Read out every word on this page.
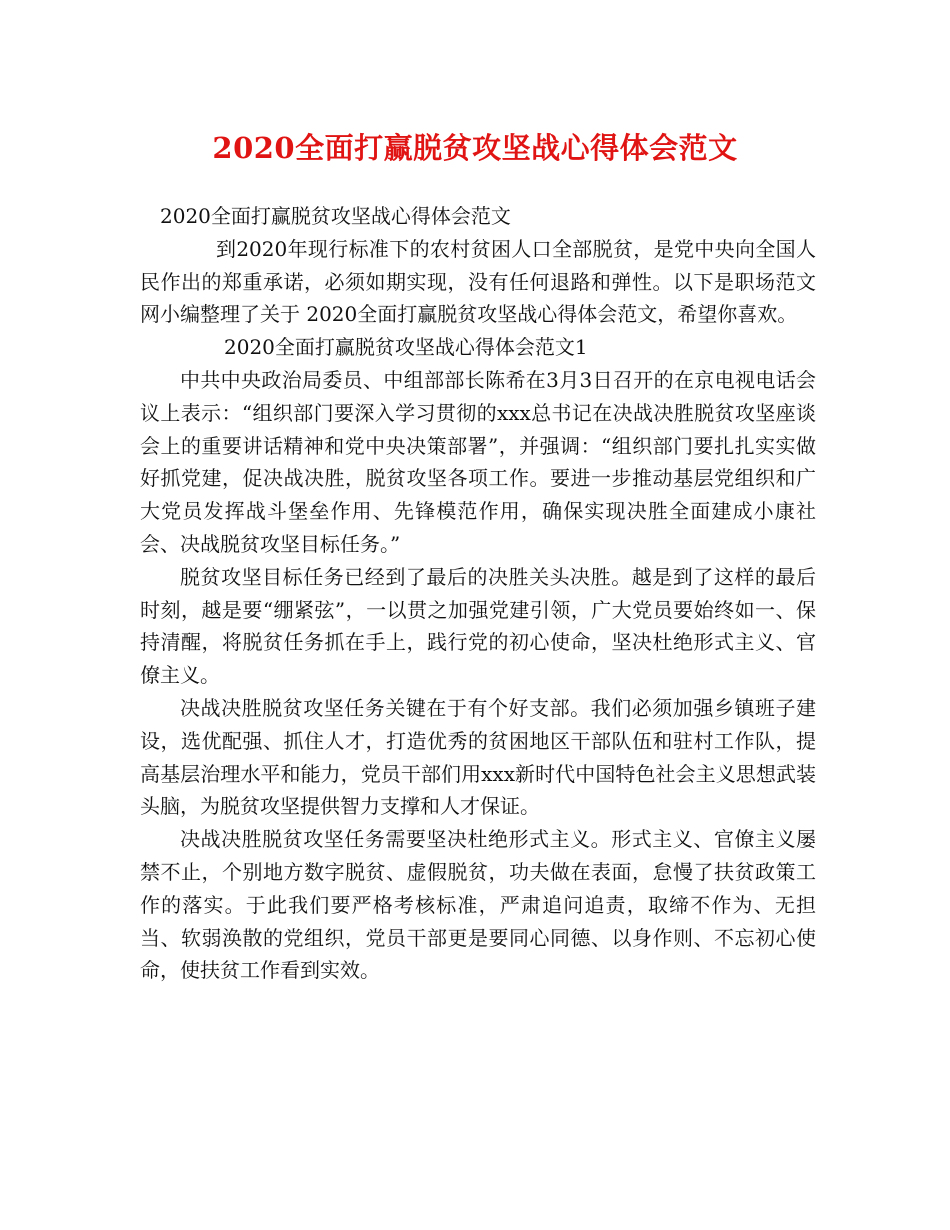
2020全面打赢脱贫攻坚战心得体会范文

2020全面打赢脱贫攻坚战心得体会范文

到2020年现行标准下的农村贫困人口全部脱贫，是党中央向全国人民作出的郑重承诺，必须如期实现，没有任何退路和弹性。以下是职场范文网小编整理了关于 2020全面打赢脱贫攻坚战心得体会范文，希望你喜欢。

2020全面打赢脱贫攻坚战心得体会范文1

中共中央政治局委员、中组部部长陈希在3月3日召开的在京电视电话会议上表示：“组织部门要深入学习贯彻的xxx总书记在决战决胜脱贫攻坚座谈会上的重要讲话精神和党中央决策部署”，并强调：“组织部门要扎扎实实做好抓党建，促决战决胜，脱贫攻坚各项工作。要进一步推动基层党组织和广大党员发挥战斗堡垒作用、先锋模范作用，确保实现决胜全面建成小康社会、决战脱贫攻坚目标任务。”

脱贫攻坚目标任务已经到了最后的决胜关头决胜。越是到了这样的最后时刻，越是要“绷紧弦”，一以贯之加强党建引领，广大党员要始终如一、保持清醒，将脱贫任务抓在手上，践行党的初心使命，坚决杜绝形式主义、官僚主义。

决战决胜脱贫攻坚任务关键在于有个好支部。我们必须加强乡镇班子建设，选优配强、抓住人才，打造优秀的贫困地区干部队伍和驻村工作队，提高基层治理水平和能力，党员干部们用xxx新时代中国特色社会主义思想武装头脑，为脱贫攻坚提供智力支撑和人才保证。

决战决胜脱贫攻坚任务需要坚决杜绝形式主义。形式主义、官僚主义屡禁不止，个别地方数字脱贫、虚假脱贫，功夫做在表面，怠慢了扶贫政策工作的落实。于此我们要严格考核标准，严肃追问追责，取缔不作为、无担当、软弱涣散的党组织，党员干部更是要同心同德、以身作则、不忘初心使命，使扶贫工作看到实效。
